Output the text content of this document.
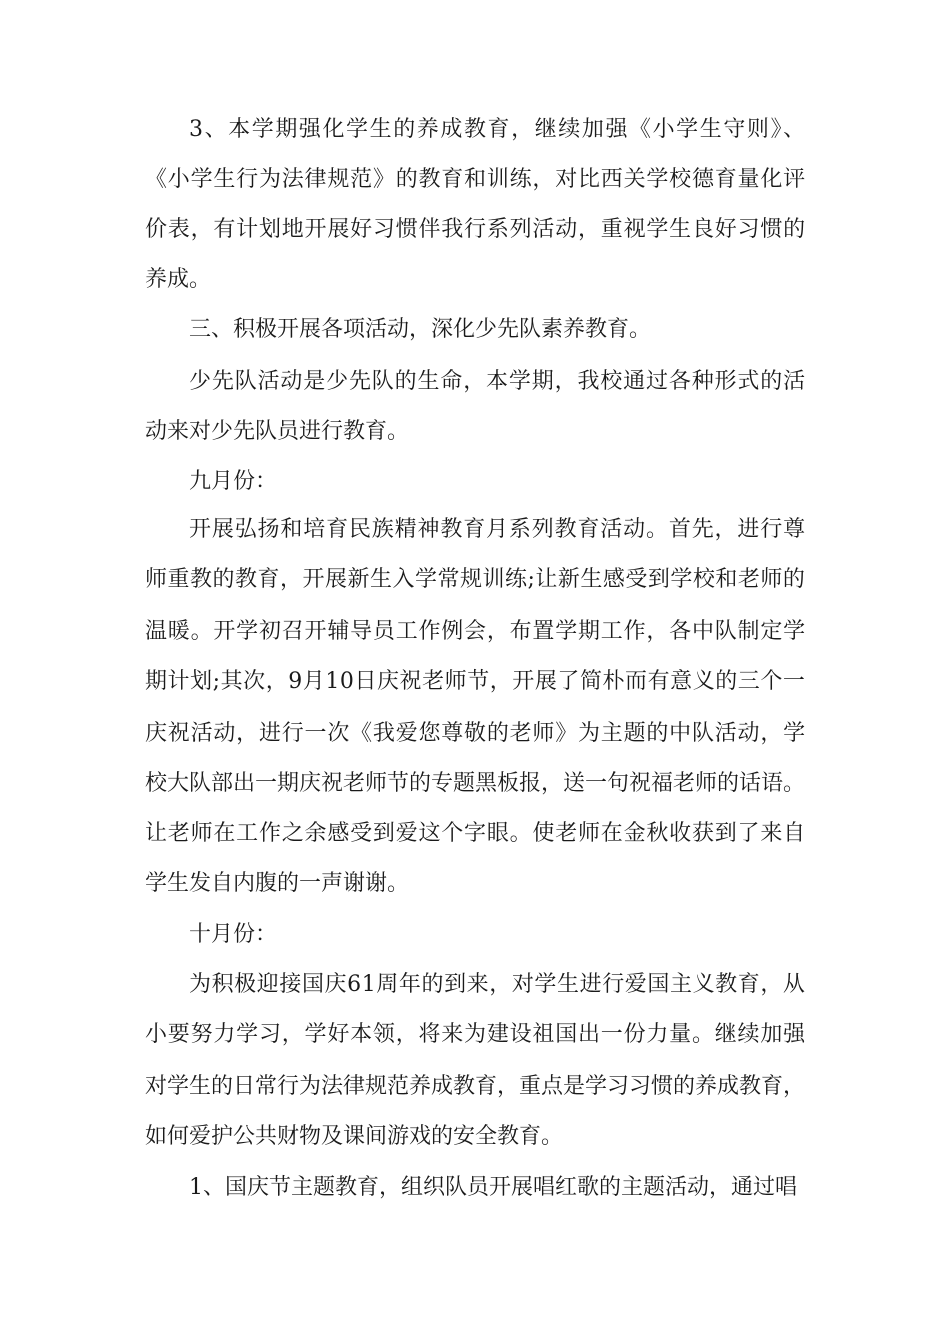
3、本学期强化学生的养成教育，继续加强《小学生守则》、
《小学生行为法律规范》的教育和训练，对比西关学校德育量化评
价表，有计划地开展好习惯伴我行系列活动，重视学生良好习惯的
养成。
三、积极开展各项活动，深化少先队素养教育。
少先队活动是少先队的生命，本学期，我校通过各种形式的活
动来对少先队员进行教育。
九月份：
开展弘扬和培育民族精神教育月系列教育活动。首先，进行尊
师重教的教育，开展新生入学常规训练;让新生感受到学校和老师的
温暖。开学初召开辅导员工作例会，布置学期工作，各中队制定学
期计划;其次，9月10日庆祝老师节，开展了简朴而有意义的三个一
庆祝活动，进行一次《我爱您尊敬的老师》为主题的中队活动，学
校大队部出一期庆祝老师节的专题黑板报，送一句祝福老师的话语。
让老师在工作之余感受到爱这个字眼。使老师在金秋收获到了来自
学生发自内腹的一声谢谢。
十月份：
为积极迎接国庆61周年的到来，对学生进行爱国主义教育，从
小要努力学习，学好本领，将来为建设祖国出一份力量。继续加强
对学生的日常行为法律规范养成教育，重点是学习习惯的养成教育，
如何爱护公共财物及课间游戏的安全教育。
1、国庆节主题教育，组织队员开展唱红歌的主题活动，通过唱
